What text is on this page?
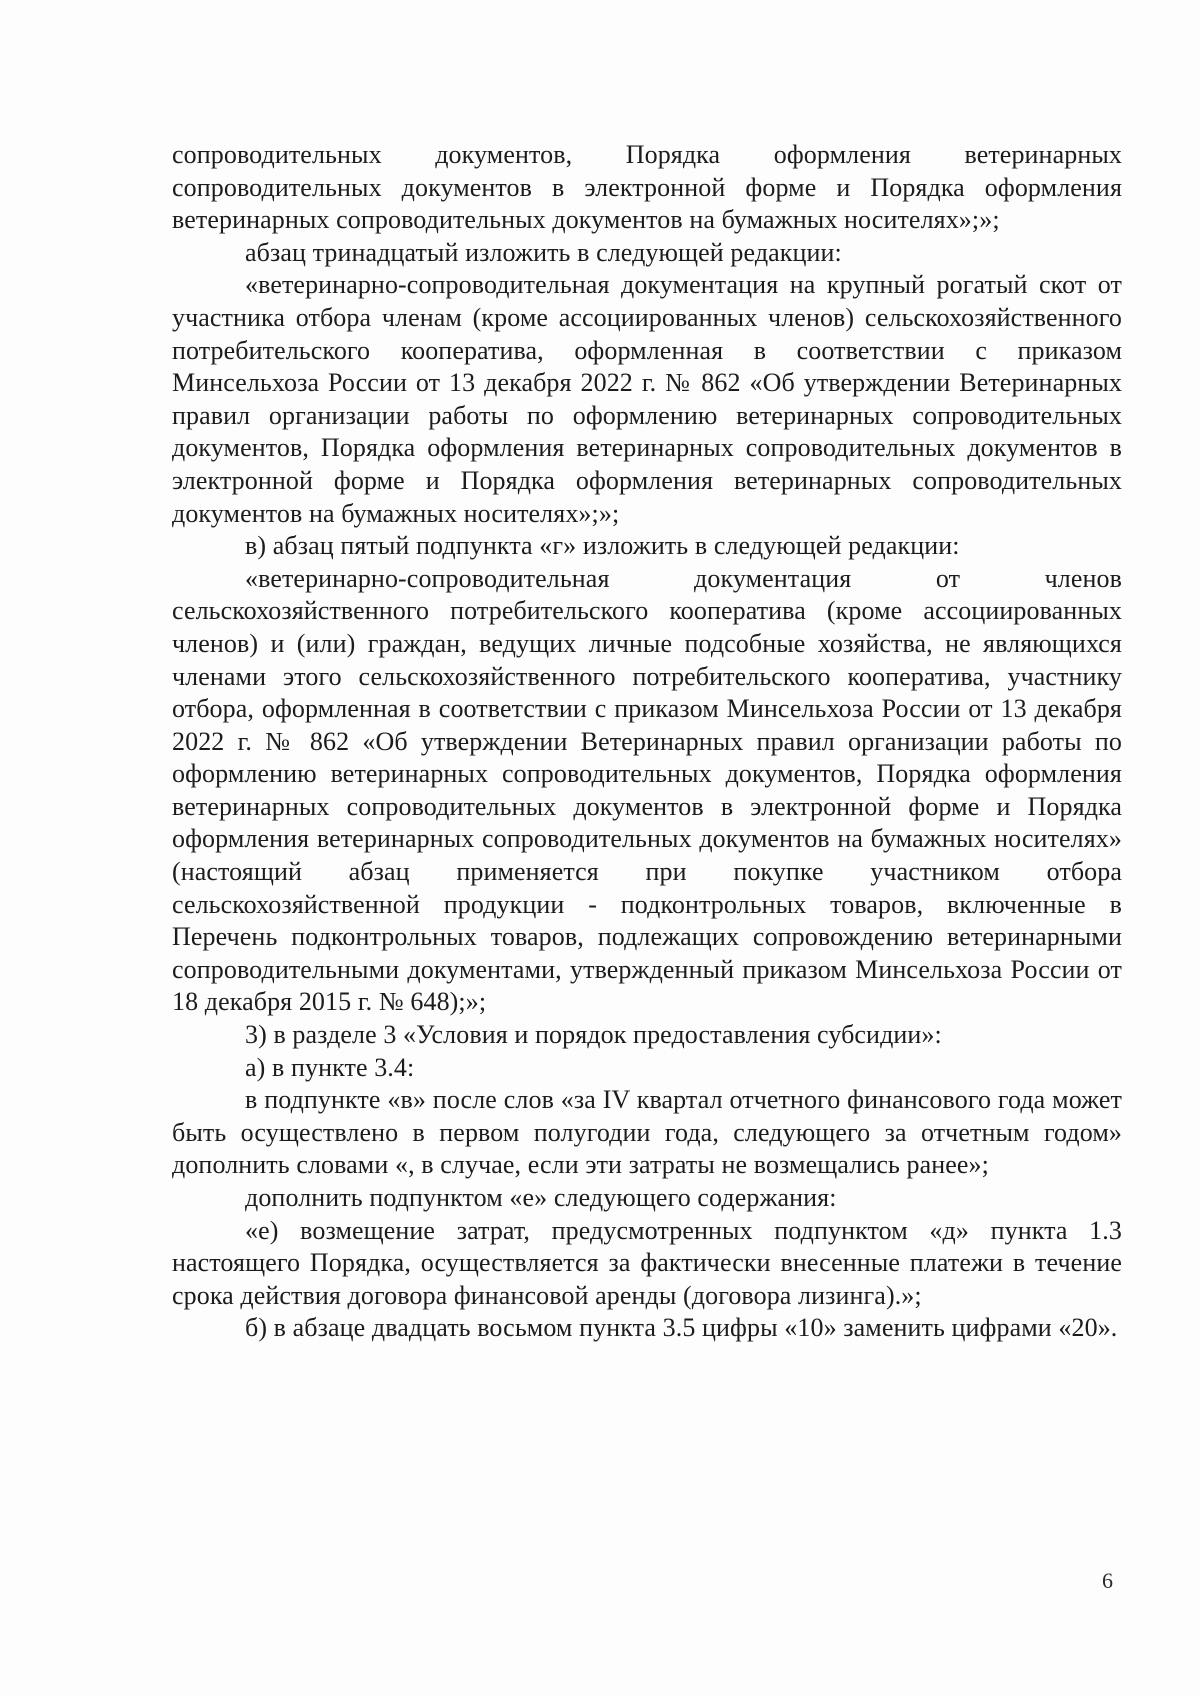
сопроводительных документов, Порядка оформления ветеринарных сопроводительных документов в электронной форме и Порядка оформления ветеринарных сопроводительных документов на бумажных носителях»;»;

абзац тринадцатый изложить в следующей редакции:

«ветеринарно-сопроводительная документация на крупный рогатый скот от участника отбора членам (кроме ассоциированных членов) сельскохозяйственного потребительского кооператива, оформленная в соответствии с приказом Минсельхоза России от 13 декабря 2022 г. № 862 «Об утверждении Ветеринарных правил организации работы по оформлению ветеринарных сопроводительных документов, Порядка оформления ветеринарных сопроводительных документов в электронной форме и Порядка оформления ветеринарных сопроводительных документов на бумажных носителях»;»;

в) абзац пятый подпункта «г» изложить в следующей редакции:

«ветеринарно-сопроводительная документация от членов сельскохозяйственного потребительского кооператива (кроме ассоциированных членов) и (или) граждан, ведущих личные подсобные хозяйства, не являющихся членами этого сельскохозяйственного потребительского кооператива, участнику отбора, оформленная в соответствии с приказом Минсельхоза России от 13 декабря 2022 г. № 862 «Об утверждении Ветеринарных правил организации работы по оформлению ветеринарных сопроводительных документов, Порядка оформления ветеринарных сопроводительных документов в электронной форме и Порядка оформления ветеринарных сопроводительных документов на бумажных носителях» (настоящий абзац применяется при покупке участником отбора сельскохозяйственной продукции - подконтрольных товаров, включенные в Перечень подконтрольных товаров, подлежащих сопровождению ветеринарными сопроводительными документами, утвержденный приказом Минсельхоза России от 18 декабря 2015 г. № 648);»;

3) в разделе 3 «Условия и порядок предоставления субсидии»:

а) в пункте 3.4:

в подпункте «в» после слов «за IV квартал отчетного финансового года может быть осуществлено в первом полугодии года, следующего за отчетным годом» дополнить словами «, в случае, если эти затраты не возмещались ранее»;

дополнить подпунктом «е» следующего содержания:

«е) возмещение затрат, предусмотренных подпунктом «д» пункта 1.3 настоящего Порядка, осуществляется за фактически внесенные платежи в течение срока действия договора финансовой аренды (договора лизинга).»;

б) в абзаце двадцать восьмом пункта 3.5 цифры «10» заменить цифрами «20».

6
